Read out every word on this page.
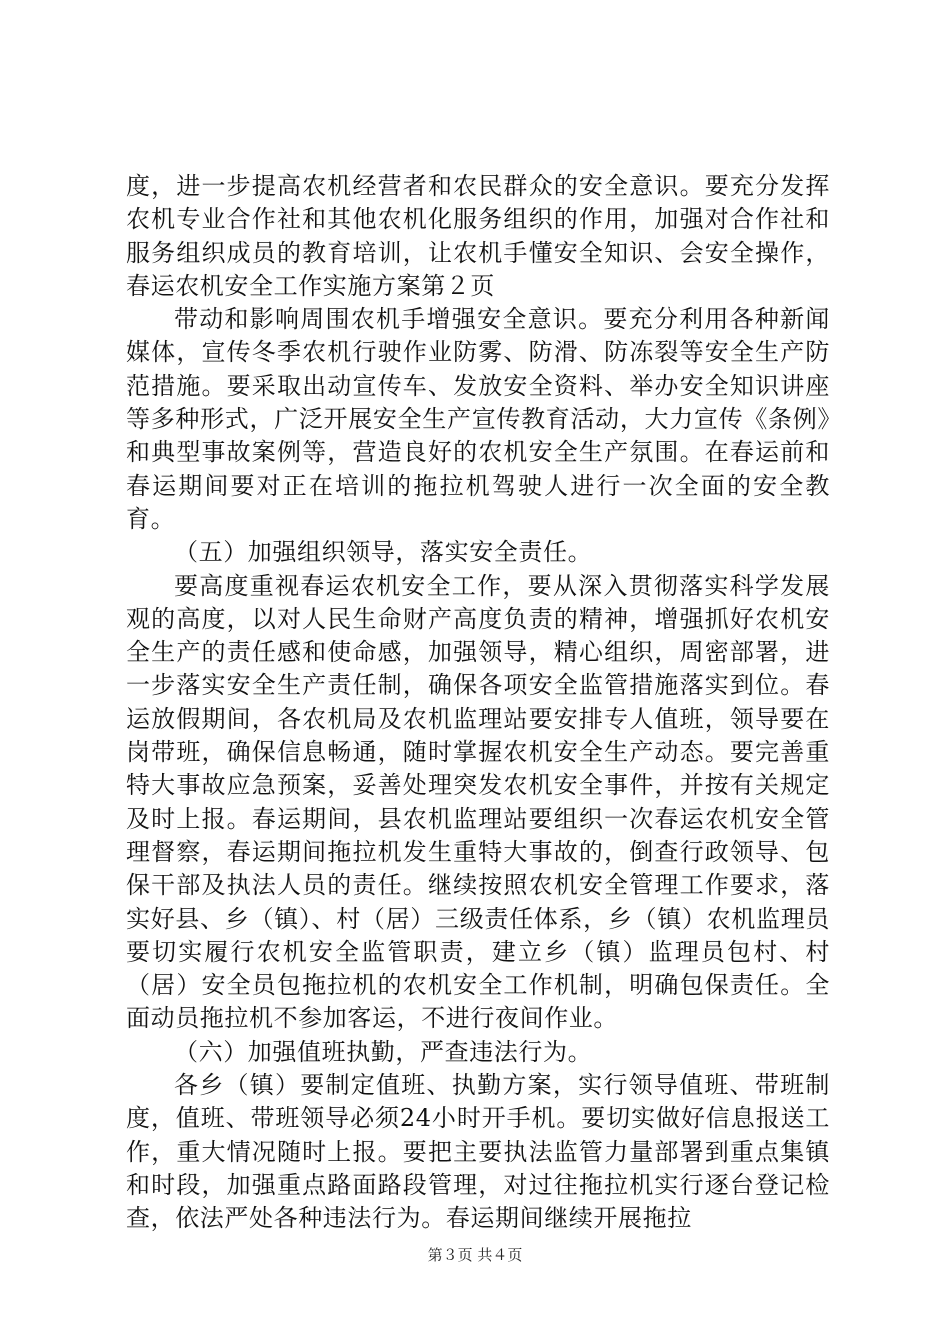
度，进一步提高农机经营者和农民群众的安全意识。要充分发挥农机专业合作社和其他农机化服务组织的作用，加强对合作社和服务组织成员的教育培训，让农机手懂安全知识、会安全操作，春运农机安全工作实施方案第２页

带动和影响周围农机手增强安全意识。要充分利用各种新闻媒体，宣传冬季农机行驶作业防雾、防滑、防冻裂等安全生产防范措施。要采取出动宣传车、发放安全资料、举办安全知识讲座等多种形式，广泛开展安全生产宣传教育活动，大力宣传《条例》和典型事故案例等，营造良好的农机安全生产氛围。在春运前和春运期间要对正在培训的拖拉机驾驶人进行一次全面的安全教育。

（五）加强组织领导，落实安全责任。

要高度重视春运农机安全工作，要从深入贯彻落实科学发展观的高度，以对人民生命财产高度负责的精神，增强抓好农机安全生产的责任感和使命感，加强领导，精心组织，周密部署，进一步落实安全生产责任制，确保各项安全监管措施落实到位。春运放假期间，各农机局及农机监理站要安排专人值班，领导要在岗带班，确保信息畅通，随时掌握农机安全生产动态。要完善重特大事故应急预案，妥善处理突发农机安全事件，并按有关规定及时上报。春运期间，县农机监理站要组织一次春运农机安全管理督察，春运期间拖拉机发生重特大事故的，倒查行政领导、包保干部及执法人员的责任。继续按照农机安全管理工作要求，落实好县、乡（镇）、村（居）三级责任体系，乡（镇）农机监理员要切实履行农机安全监管职责，建立乡（镇）监理员包村、村（居）安全员包拖拉机的农机安全工作机制，明确包保责任。全面动员拖拉机不参加客运，不进行夜间作业。

（六）加强值班执勤，严查违法行为。

各乡（镇）要制定值班、执勤方案，实行领导值班、带班制度，值班、带班领导必须24小时开手机。要切实做好信息报送工作，重大情况随时上报。要把主要执法监管力量部署到重点集镇和时段，加强重点路面路段管理，对过往拖拉机实行逐台登记检查，依法严处各种违法行为。春运期间继续开展拖拉

第３页 共４页
